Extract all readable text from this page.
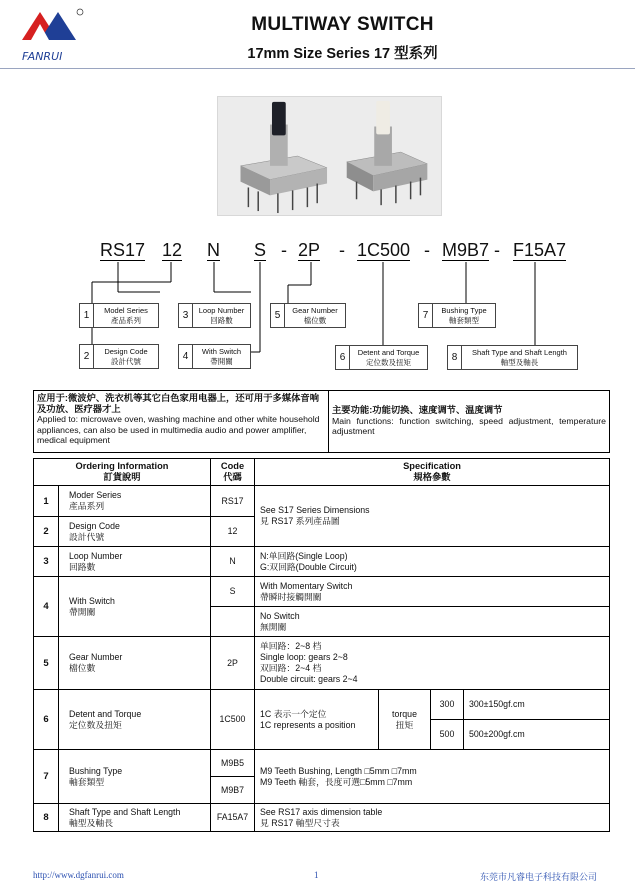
FANRUI
MULTIWAY SWITCH
17mm Size Series 17 型系列
RS17 12 N S - 2P - 1C500 - M9B7 - F15A7
1	Model Series
產品系列
2	Design Code
設計代號
3	Loop Number
回路數
4	With Switch
帶開關
5	Gear Number
檔位數
6	Detent and Torque
定位数及扭矩
7	Bushing Type
軸套類型
8	Shaft Type and Shaft Length
軸型及軸長
应用于:微波炉、洗衣机等其它白色家用电器上，还可用于多媒体音响及功放、医疗器才上
Applied to: microwave oven, washing machine and other white household appliances, can also be used in multimedia audio and power amplifier, medical equipment
主要功能:功能切换、速度调节、温度调节

Main functions: function switching, speed adjustment, temperature adjustment
Ordering Information
訂貨說明		Code
代碼	Specification
規格參數			
1	Moder Series
產品系列	RS17	See S17 Series Dimensions
見 RS17 系列產品圖			
2	Design Code
設計代號	12				
3	Loop Number
回路數	N	N:单回路(Single Loop)
G:双回路(Double Circuit)			
4	With Switch
帶開關	S	With Momentary Switch
帶瞬时接觸開關			
			No Switch
無開關			
5	Gear Number
檔位數	2P	单回路：2~8 档
Single loop: gears 2~8
双回路：2~4 档
Double circuit: gears 2~4			
6	Detent and Torque
定位数及扭矩	1C500	1C 表示一个定位
1C represents a position	torque
扭矩	300	300±150gf.cm
					500	500±200gf.cm
7	Bushing Type
軸套類型	M9B5	M9 Teeth Bushing, Length □5mm □7mm
M9 Teeth 軸套，長度可選□5mm □7mm			
		M9B7				
8	Shaft Type and Shaft Length
軸型及軸長	FA15A7	See RS17 axis dimension table
見 RS17 軸型尺寸表			
http://www.dgfanrui.com	1	东莞市凡睿电子科技有限公司
